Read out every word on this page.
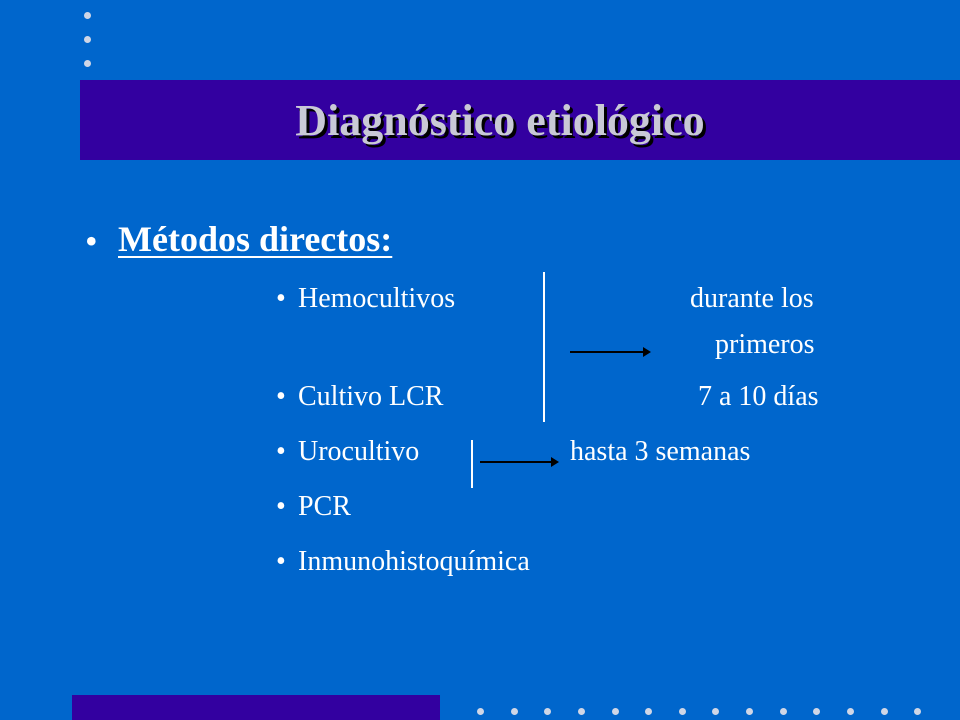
Diagnóstico etiológico
• Métodos directos:
• Hemocultivos
• Cultivo LCR
• Urocultivo
• PCR
• Inmunohistoquímica
durante los
primeros
7 a 10 días
hasta 3 semanas
